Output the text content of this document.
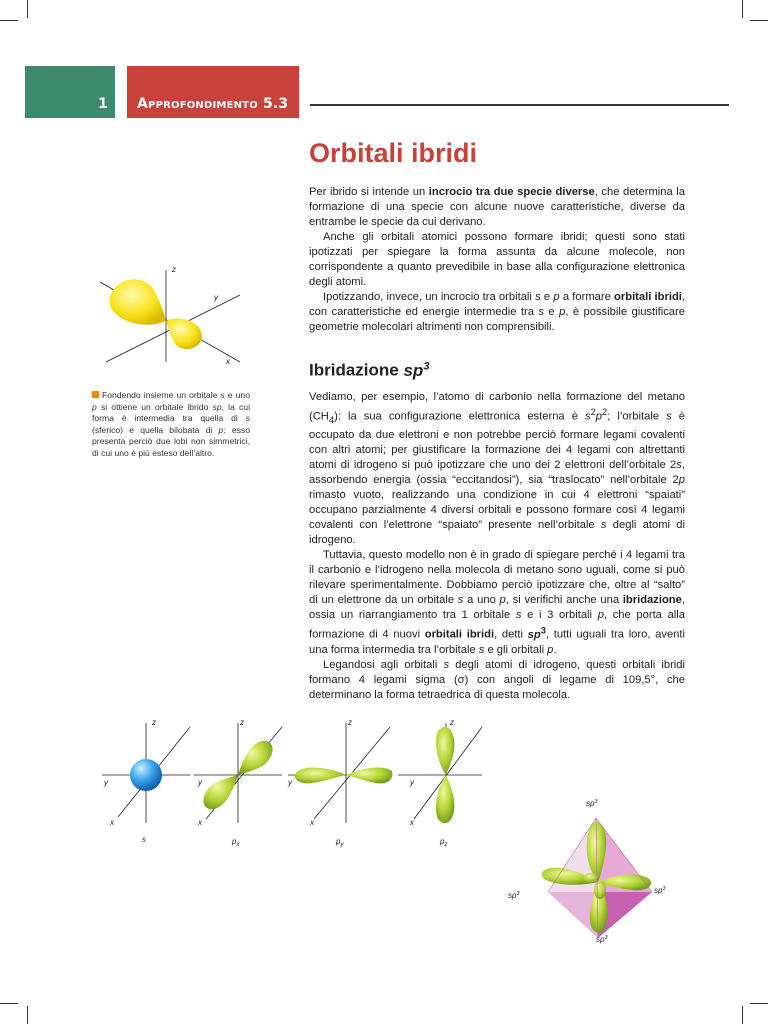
1 Approfondimento 5.3
Orbitali ibridi

Per ibrido si intende un incrocio tra due specie diverse, che determina la formazione di una specie con alcune nuove caratteristiche, diverse da entrambe le specie da cui derivano.

Anche gli orbitali atomici possono formare ibridi; questi sono stati ipotizzati per spiegare la forma assunta da alcune molecole, non corrispondente a quanto prevedibile in base alla configurazione elettronica degli atomi.

Ipotizzando, invece, un incrocio tra orbitali s e p a formare orbitali ibridi, con caratteristiche ed energie intermedie tra s e p, è possibile giustificare geometrie molecolari altrimenti non comprensibili.

Ibridazione $sp^3$

Vediamo, per esempio, l’atomo di carbonio nella formazione del metano $(CH_4)$: la sua configurazione elettronica esterna è $s^2p^2$; l’orbitale s è occupato da due elettroni e non potrebbe perciò formare legami covalenti con altri atomi; per giustificare la formazione dei 4 legami con altrettanti atomi di idrogeno si può ipotizzare che uno dei 2 elettroni dell’orbitale 2s, assorbendo energia (ossia “eccitandosi”), sia “traslocato” nell’orbitale 2p rimasto vuoto, realizzando una condizione in cui 4 elettroni “spaiati” occupano parzialmente 4 diversi orbitali e possono formare così 4 legami covalenti con l’elettrone “spaiato” presente nell’orbitale s degli atomi di idrogeno.

Tuttavia, questo modello non è in grado di spiegare perché i 4 legami tra il carbonio e l’idrogeno nella molecola di metano sono uguali, come si può rilevare sperimentalmente. Dobbiamo perciò ipotizzare che, oltre al “salto” di un elettrone da un orbitale s a uno p, si verifichi anche una ibridazione, ossia un riarrangiamento tra 1 orbitale s e i 3 orbitali p, che porta alla formazione di 4 nuovi orbitali ibridi, detti $sp^3$, tutti uguali tra loro, aventi una forma intermedia tra l’orbitale s e gli orbitali p.

Legandosi agli orbitali s degli atomi di idrogeno, questi orbitali ibridi formano 4 legami sigma (σ) con angoli di legame di 109,5°, che determinano la forma tetraedrica di questa molecola.

Fondendo insieme un orbitale s e uno p si ottiene un orbitale ibrido sp, la cui forma è intermedia tra quella di s (sferico) e quella bilobata di p: esso presenta perciò due lobi non simmetrici, di cui uno è più esteso dell’altro.
z
y
x
z
y
x
s
z
y
x
$p_x$
z
y
x
$p_y$
z
y
x
$p_z$
$sp^3$
$sp^3$	$sp^3$
$sp^3$
